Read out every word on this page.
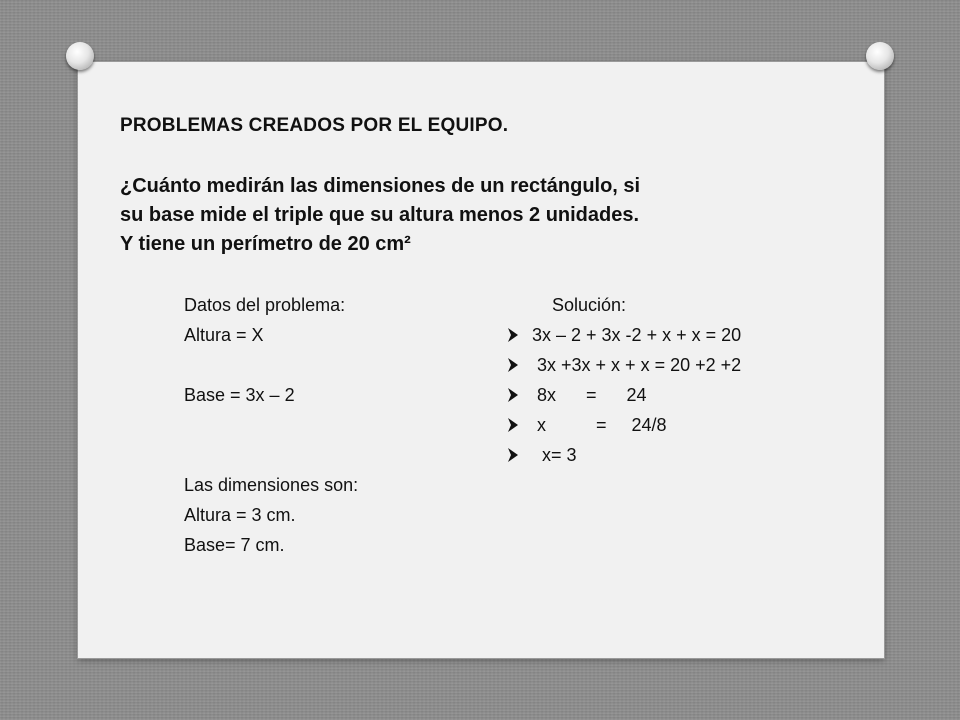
PROBLEMAS CREADOS POR EL EQUIPO.
¿Cuánto medirán las dimensiones de un rectángulo, si
su base mide el triple que su altura menos 2 unidades.
Y tiene un perímetro de 20 cm²
Datos del problema:
Altura = X
Base = 3x – 2
Las dimensiones son:
Altura = 3 cm.
Base= 7 cm.
Solución:
3x – 2 + 3x -2 + x + x = 20
3x +3x + x + x = 20 +2 +2
8x      =      24
x          =     24/8
x= 3
